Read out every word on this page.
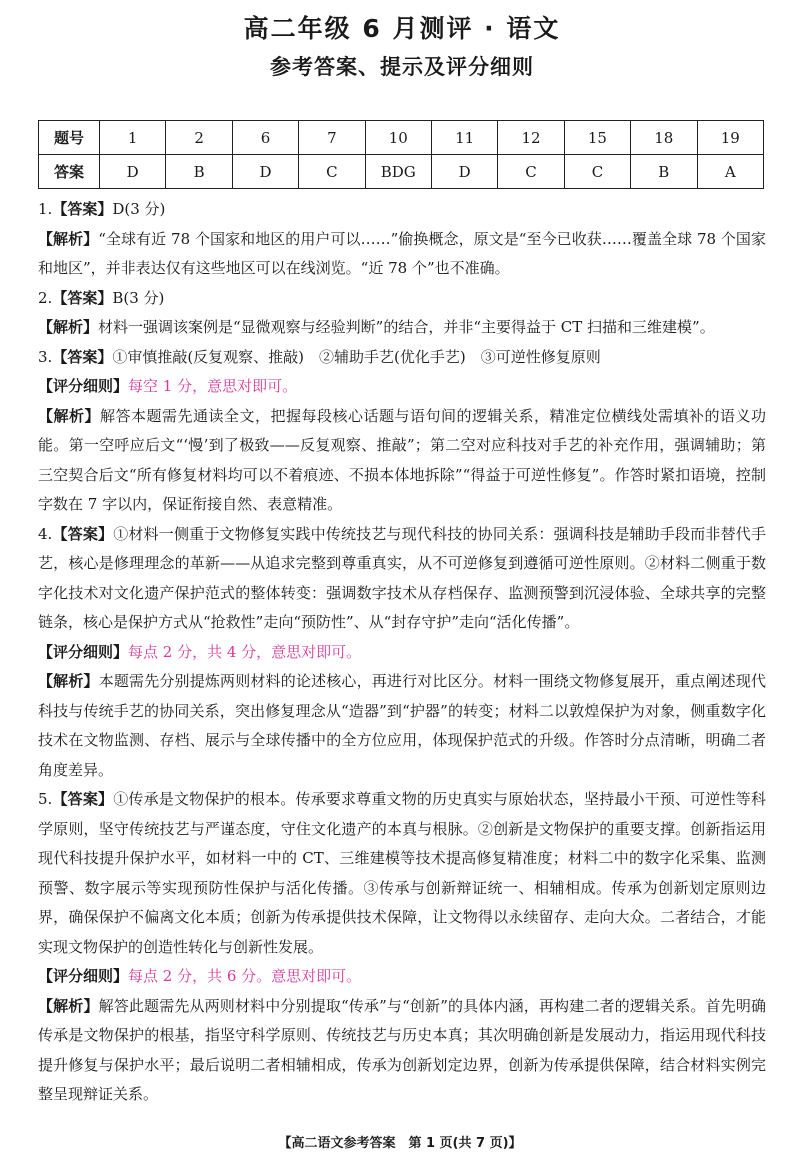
高二年级 6 月测评 · 语文
参考答案、提示及评分细则
题号	1	2	6	7	10	11	12	15	18	19
答案	D	B	D	C	BDG	D	C	C	B	A

1.【答案】D(3 分)

【解析】“全球有近 78 个国家和地区的用户可以……”偷换概念，原文是“至今已收获……覆盖全球 78 个国家和地区”，并非表达仅有这些地区可以在线浏览。“近 78 个”也不准确。

2.【答案】B(3 分)

【解析】材料一强调该案例是“显微观察与经验判断”的结合，并非“主要得益于 CT 扫描和三维建模”。

3.【答案】①审慎推敲(反复观察、推敲)　②辅助手艺(优化手艺)　③可逆性修复原则

【评分细则】每空 1 分，意思对即可。

【解析】解答本题需先通读全文，把握每段核心话题与语句间的逻辑关系，精准定位横线处需填补的语义功能。第一空呼应后文“‘慢’到了极致——反复观察、推敲”；第二空对应科技对手艺的补充作用，强调辅助；第三空契合后文“所有修复材料均可以不着痕迹、不损本体地拆除”“得益于可逆性修复”。作答时紧扣语境，控制字数在 7 字以内，保证衔接自然、表意精准。

4.【答案】①材料一侧重于文物修复实践中传统技艺与现代科技的协同关系：强调科技是辅助手段而非替代手艺，核心是修理理念的革新——从追求完整到尊重真实，从不可逆修复到遵循可逆性原则。②材料二侧重于数字化技术对文化遗产保护范式的整体转变：强调数字技术从存档保存、监测预警到沉浸体验、全球共享的完整链条，核心是保护方式从“抢救性”走向“预防性”、从“封存守护”走向“活化传播”。

【评分细则】每点 2 分，共 4 分，意思对即可。

【解析】本题需先分别提炼两则材料的论述核心，再进行对比区分。材料一围绕文物修复展开，重点阐述现代科技与传统手艺的协同关系，突出修复理念从“造器”到“护器”的转变；材料二以敦煌保护为对象，侧重数字化技术在文物监测、存档、展示与全球传播中的全方位应用，体现保护范式的升级。作答时分点清晰，明确二者角度差异。

5.【答案】①传承是文物保护的根本。传承要求尊重文物的历史真实与原始状态，坚持最小干预、可逆性等科学原则，坚守传统技艺与严谨态度，守住文化遗产的本真与根脉。②创新是文物保护的重要支撑。创新指运用现代科技提升保护水平，如材料一中的 CT、三维建模等技术提高修复精准度；材料二中的数字化采集、监测预警、数字展示等实现预防性保护与活化传播。③传承与创新辩证统一、相辅相成。传承为创新划定原则边界，确保保护不偏离文化本质；创新为传承提供技术保障，让文物得以永续留存、走向大众。二者结合，才能实现文物保护的创造性转化与创新性发展。

【评分细则】每点 2 分，共 6 分。意思对即可。

【解析】解答此题需先从两则材料中分别提取“传承”与“创新”的具体内涵，再构建二者的逻辑关系。首先明确传承是文物保护的根基，指坚守科学原则、传统技艺与历史本真；其次明确创新是发展动力，指运用现代科技提升修复与保护水平；最后说明二者相辅相成，传承为创新划定边界，创新为传承提供保障，结合材料实例完整呈现辩证关系。

【高二语文参考答案　第 1 页(共 7 页)】
